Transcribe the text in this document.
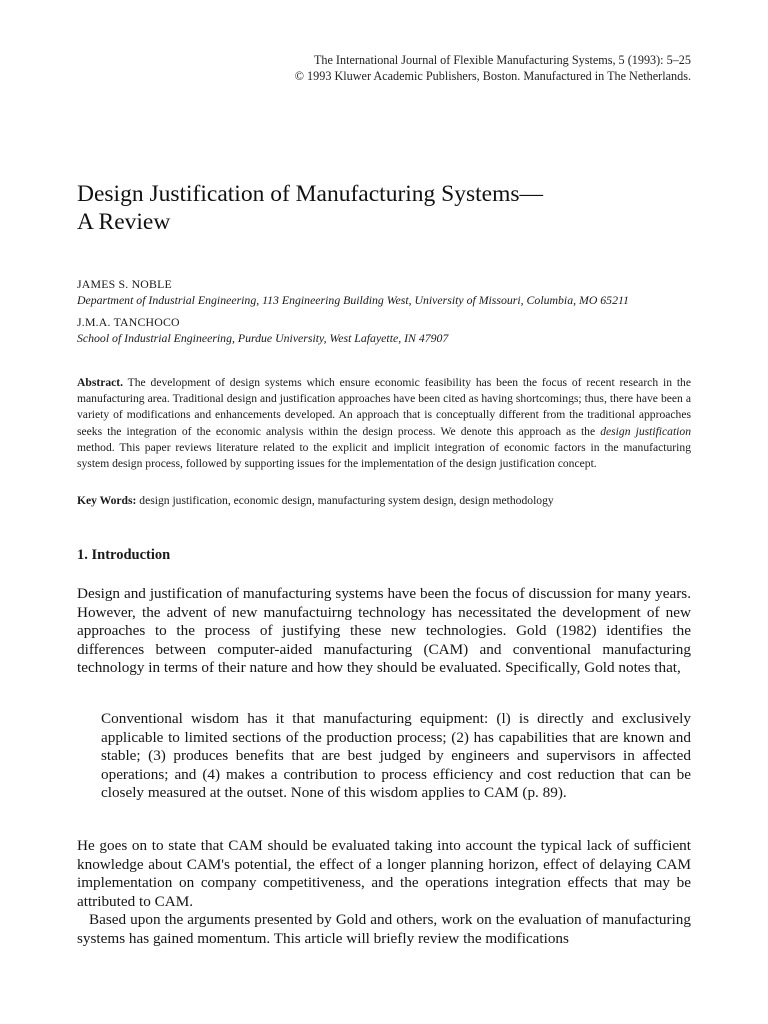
The International Journal of Flexible Manufacturing Systems, 5 (1993): 5–25
© 1993 Kluwer Academic Publishers, Boston. Manufactured in The Netherlands.
Design Justification of Manufacturing Systems—
A Review
JAMES S. NOBLE
Department of Industrial Engineering, 113 Engineering Building West, University of Missouri, Columbia, MO 65211
J.M.A. TANCHOCO
School of Industrial Engineering, Purdue University, West Lafayette, IN 47907

Abstract. The development of design systems which ensure economic feasibility has been the focus of recent research in the manufacturing area. Traditional design and justification approaches have been cited as having shortcomings; thus, there have been a variety of modifications and enhancements developed. An approach that is conceptually different from the traditional approaches seeks the integration of the economic analysis within the design process. We denote this approach as the design justification method. This paper reviews literature related to the explicit and implicit integration of economic factors in the manufacturing system design process, followed by supporting issues for the implementation of the design justification concept.

Key Words: design justification, economic design, manufacturing system design, design methodology

1. Introduction

Design and justification of manufacturing systems have been the focus of discussion for many years. However, the advent of new manufactuirng technology has necessitated the development of new approaches to the process of justifying these new technologies. Gold (1982) identifies the differences between computer-aided manufacturing (CAM) and conventional manufacturing technology in terms of their nature and how they should be evaluated. Specifically, Gold notes that,

Conventional wisdom has it that manufacturing equipment: (l) is directly and exclusively applicable to limited sections of the production process; (2) has capabilities that are known and stable; (3) produces benefits that are best judged by engineers and supervisors in affected operations; and (4) makes a contribution to process efficiency and cost reduction that can be closely measured at the outset. None of this wisdom applies to CAM (p. 89).

He goes on to state that CAM should be evaluated taking into account the typical lack of sufficient knowledge about CAM's potential, the effect of a longer planning horizon, effect of delaying CAM implementation on company competitiveness, and the operations integration effects that may be attributed to CAM.

Based upon the arguments presented by Gold and others, work on the evaluation of manufacturing systems has gained momentum. This article will briefly review the modifications
